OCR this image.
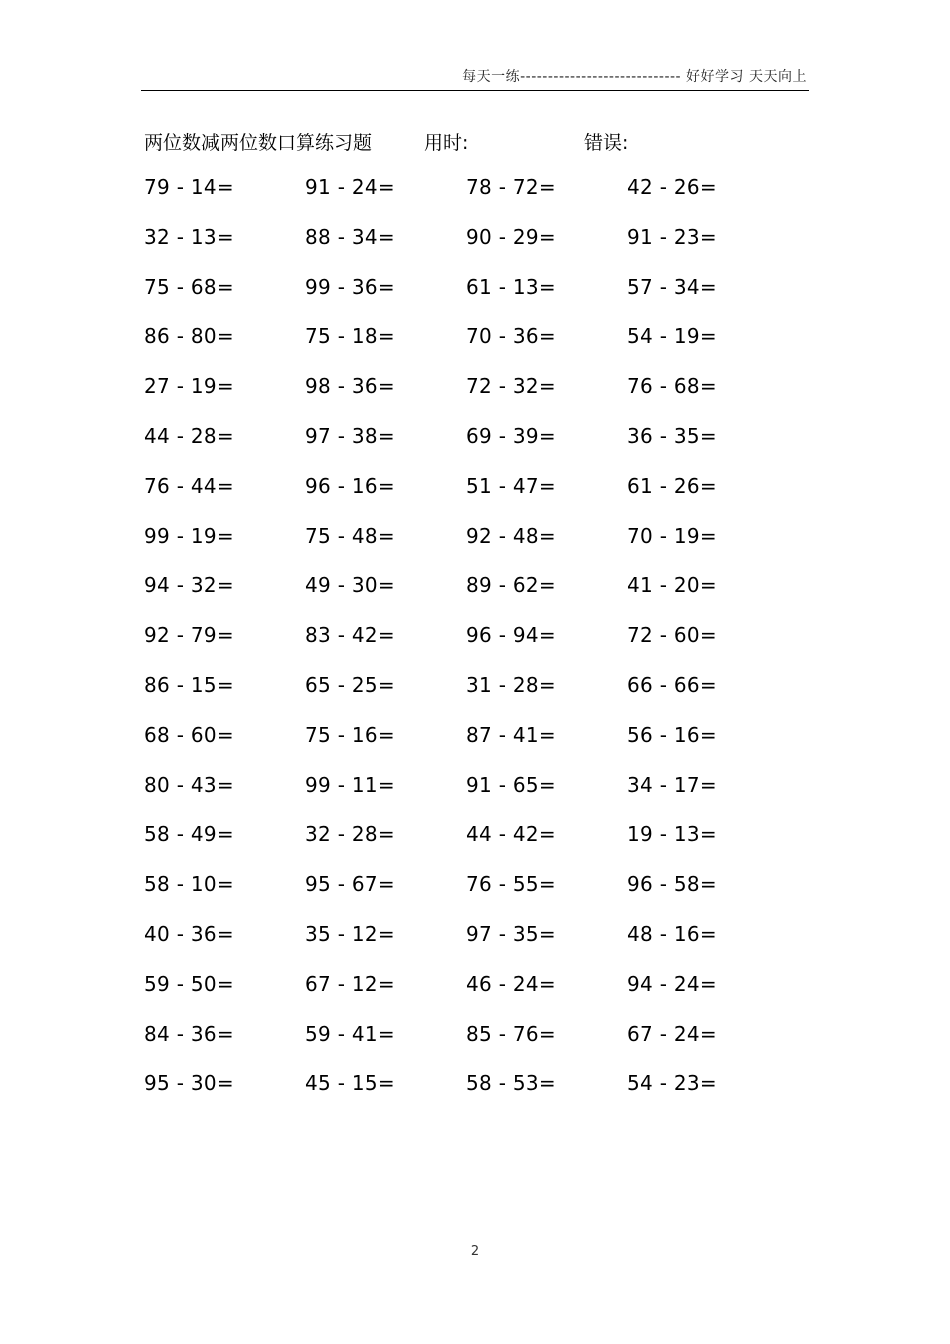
每天一练----------------------------- 好好学习 天天向上
两位数减两位数口算练习题	用时:	错误:
79 - 14=	91 - 24=	78 - 72=	42 - 26=
32 - 13=	88 - 34=	90 - 29=	91 - 23=
75 - 68=	99 - 36=	61 - 13=	57 - 34=
86 - 80=	75 - 18=	70 - 36=	54 - 19=
27 - 19=	98 - 36=	72 - 32=	76 - 68=
44 - 28=	97 - 38=	69 - 39=	36 - 35=
76 - 44=	96 - 16=	51 - 47=	61 - 26=
99 - 19=	75 - 48=	92 - 48=	70 - 19=
94 - 32=	49 - 30=	89 - 62=	41 - 20=
92 - 79=	83 - 42=	96 - 94=	72 - 60=
86 - 15=	65 - 25=	31 - 28=	66 - 66=
68 - 60=	75 - 16=	87 - 41=	56 - 16=
80 - 43=	99 - 11=	91 - 65=	34 - 17=
58 - 49=	32 - 28=	44 - 42=	19 - 13=
58 - 10=	95 - 67=	76 - 55=	96 - 58=
40 - 36=	35 - 12=	97 - 35=	48 - 16=
59 - 50=	67 - 12=	46 - 24=	94 - 24=
84 - 36=	59 - 41=	85 - 76=	67 - 24=
95 - 30=	45 - 15=	58 - 53=	54 - 23=
2
